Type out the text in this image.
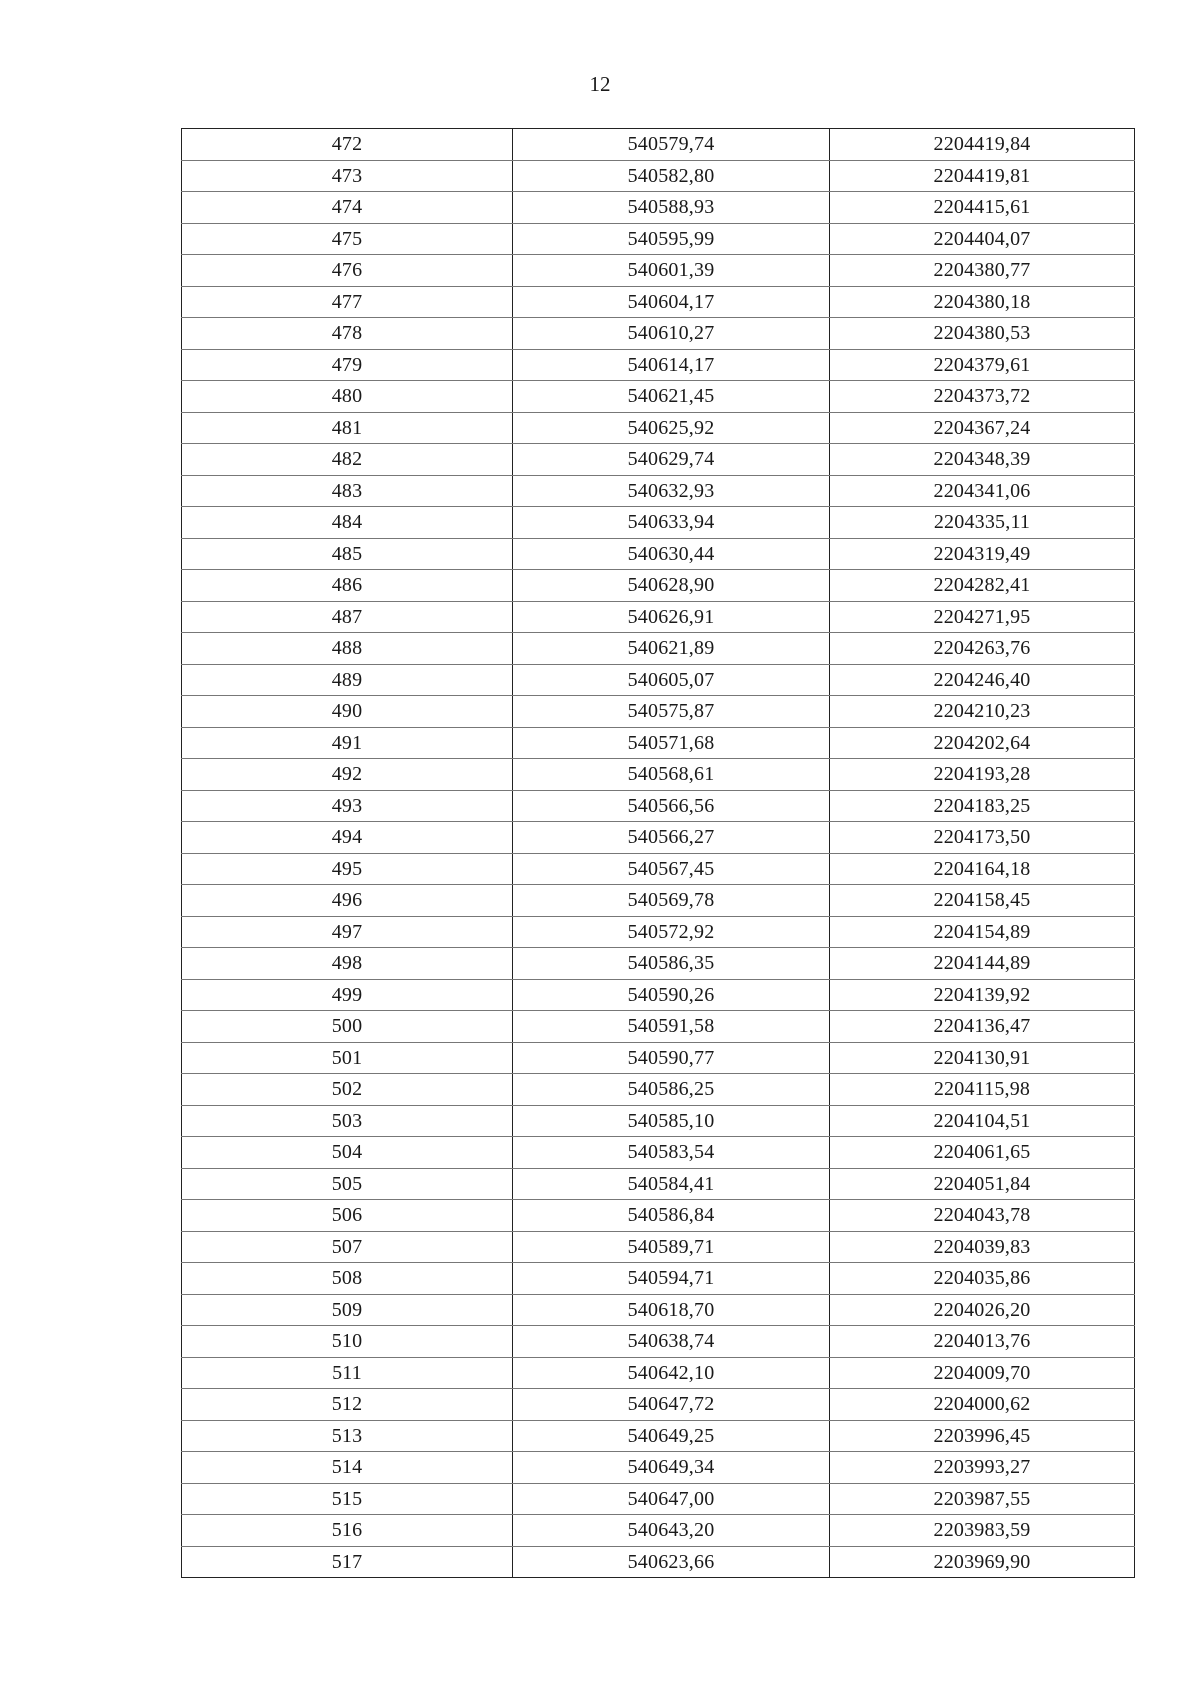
12
472	540579,74	2204419,84
473	540582,80	2204419,81
474	540588,93	2204415,61
475	540595,99	2204404,07
476	540601,39	2204380,77
477	540604,17	2204380,18
478	540610,27	2204380,53
479	540614,17	2204379,61
480	540621,45	2204373,72
481	540625,92	2204367,24
482	540629,74	2204348,39
483	540632,93	2204341,06
484	540633,94	2204335,11
485	540630,44	2204319,49
486	540628,90	2204282,41
487	540626,91	2204271,95
488	540621,89	2204263,76
489	540605,07	2204246,40
490	540575,87	2204210,23
491	540571,68	2204202,64
492	540568,61	2204193,28
493	540566,56	2204183,25
494	540566,27	2204173,50
495	540567,45	2204164,18
496	540569,78	2204158,45
497	540572,92	2204154,89
498	540586,35	2204144,89
499	540590,26	2204139,92
500	540591,58	2204136,47
501	540590,77	2204130,91
502	540586,25	2204115,98
503	540585,10	2204104,51
504	540583,54	2204061,65
505	540584,41	2204051,84
506	540586,84	2204043,78
507	540589,71	2204039,83
508	540594,71	2204035,86
509	540618,70	2204026,20
510	540638,74	2204013,76
511	540642,10	2204009,70
512	540647,72	2204000,62
513	540649,25	2203996,45
514	540649,34	2203993,27
515	540647,00	2203987,55
516	540643,20	2203983,59
517	540623,66	2203969,90
